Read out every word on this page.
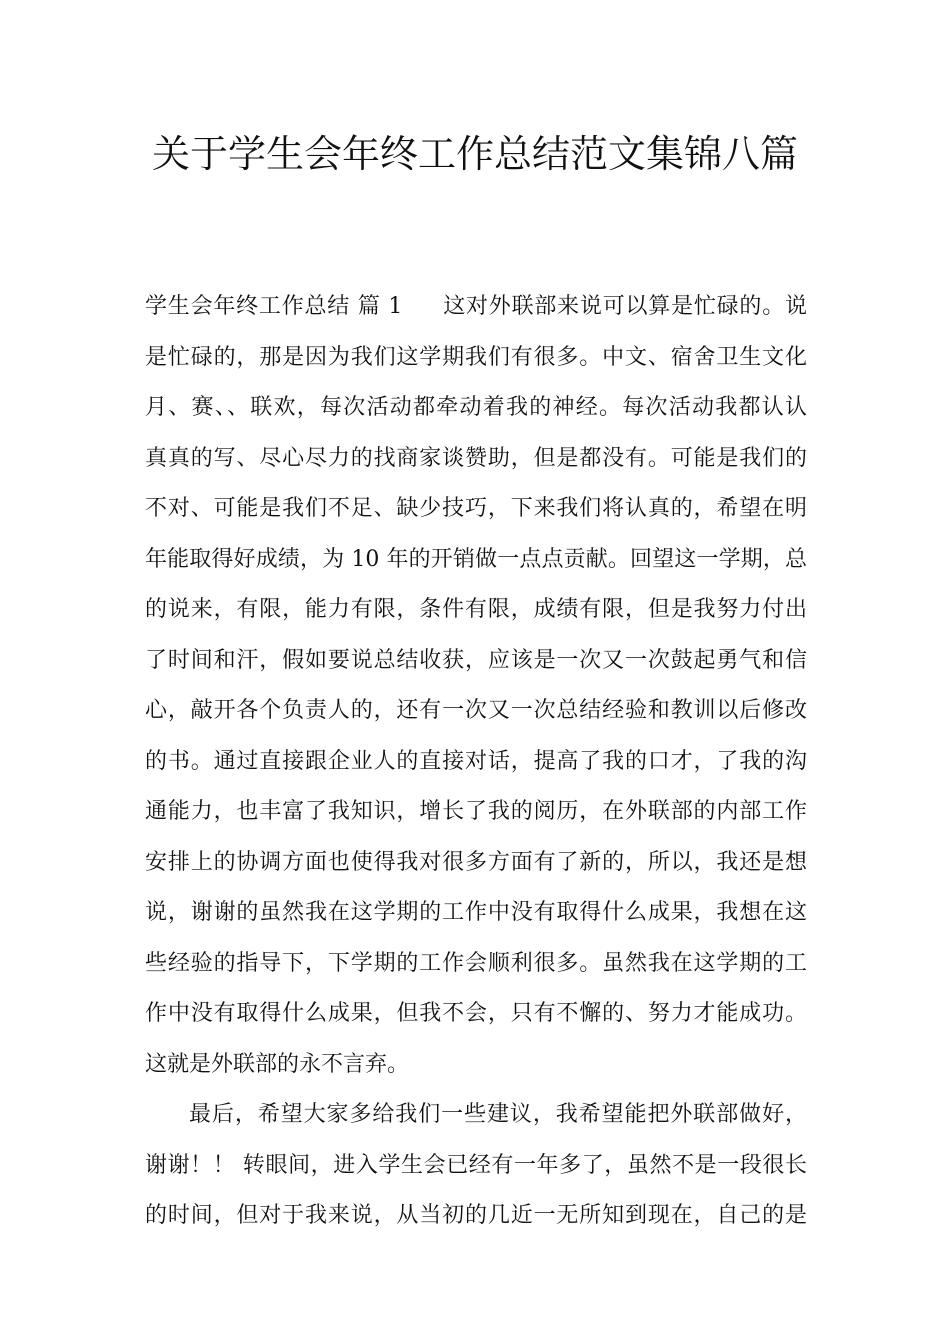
关于学生会年终工作总结范文集锦八篇
学生会年终工作总结 篇 1 这对外联部来说可以算是忙碌的。说
是忙碌的，那是因为我们这学期我们有很多。中文、宿舍卫生文化
月、赛、、联欢，每次活动都牵动着我的神经。每次活动我都认认
真真的写、尽心尽力的找商家谈赞助，但是都没有。可能是我们的
不对、可能是我们不足、缺少技巧，下来我们将认真的，希望在明
年能取得好成绩，为 10 年的开销做一点点贡献。回望这一学期，总
的说来，有限，能力有限，条件有限，成绩有限，但是我努力付出
了时间和汗，假如要说总结收获，应该是一次又一次鼓起勇气和信
心，敲开各个负责人的，还有一次又一次总结经验和教训以后修改
的书。通过直接跟企业人的直接对话，提高了我的口才，了我的沟
通能力，也丰富了我知识，增长了我的阅历，在外联部的内部工作
安排上的协调方面也使得我对很多方面有了新的，所以，我还是想
说，谢谢的虽然我在这学期的工作中没有取得什么成果，我想在这
些经验的指导下，下学期的工作会顺利很多。虽然我在这学期的工
作中没有取得什么成果，但我不会，只有不懈的、努力才能成功。
这就是外联部的永不言弃。
最后，希望大家多给我们一些建议，我希望能把外联部做好，
谢谢！！ 转眼间，进入学生会已经有一年多了，虽然不是一段很长
的时间，但对于我来说，从当初的几近一无所知到现在，自己的是
